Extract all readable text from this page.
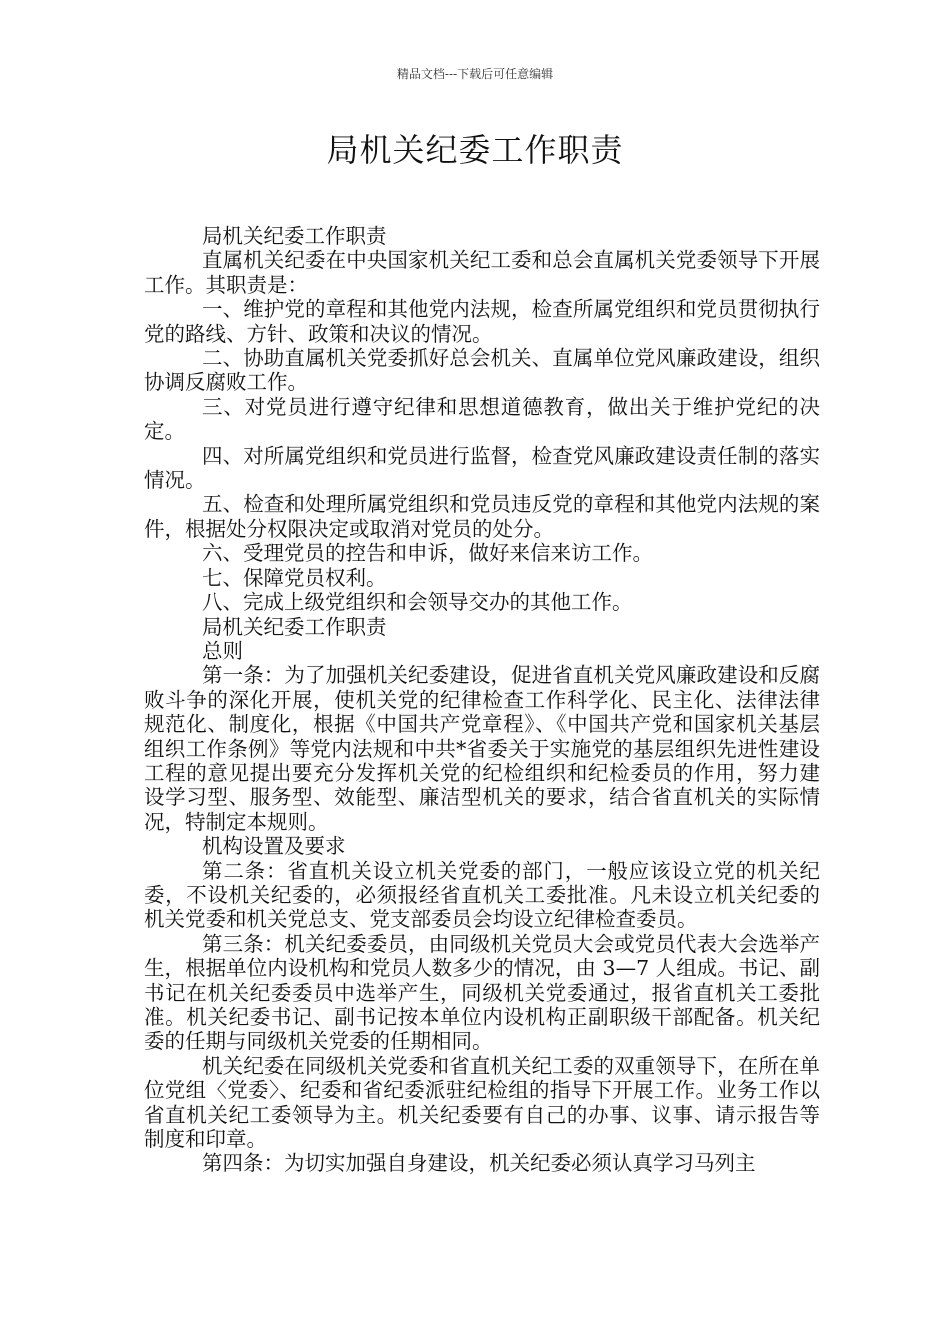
精品文档---下载后可任意编辑
局机关纪委工作职责

局机关纪委工作职责

直属机关纪委在中央国家机关纪工委和总会直属机关党委领导下开展工作。其职责是：

一、维护党的章程和其他党内法规，检查所属党组织和党员贯彻执行党的路线、方针、政策和决议的情况。

二、协助直属机关党委抓好总会机关、直属单位党风廉政建设，组织协调反腐败工作。

三、对党员进行遵守纪律和思想道德教育，做出关于维护党纪的决定。

四、对所属党组织和党员进行监督，检查党风廉政建设责任制的落实情况。

五、检查和处理所属党组织和党员违反党的章程和其他党内法规的案件，根据处分权限决定或取消对党员的处分。

六、受理党员的控告和申诉，做好来信来访工作。

七、保障党员权利。

八、完成上级党组织和会领导交办的其他工作。

局机关纪委工作职责

总则

第一条：为了加强机关纪委建设，促进省直机关党风廉政建设和反腐败斗争的深化开展，使机关党的纪律检查工作科学化、民主化、法律法律规范化、制度化，根据《中国共产党章程》、《中国共产党和国家机关基层组织工作条例》等党内法规和中共*省委关于实施党的基层组织先进性建设工程的意见提出要充分发挥机关党的纪检组织和纪检委员的作用，努力建设学习型、服务型、效能型、廉洁型机关的要求，结合省直机关的实际情况，特制定本规则。

机构设置及要求

第二条：省直机关设立机关党委的部门，一般应该设立党的机关纪委，不设机关纪委的，必须报经省直机关工委批准。凡未设立机关纪委的机关党委和机关党总支、党支部委员会均设立纪律检查委员。

第三条：机关纪委委员，由同级机关党员大会或党员代表大会选举产生，根据单位内设机构和党员人数多少的情况，由 3—7 人组成。书记、副书记在机关纪委委员中选举产生，同级机关党委通过，报省直机关工委批准。机关纪委书记、副书记按本单位内设机构正副职级干部配备。机关纪委的任期与同级机关党委的任期相同。

机关纪委在同级机关党委和省直机关纪工委的双重领导下，在所在单位党组〈党委〉、纪委和省纪委派驻纪检组的指导下开展工作。业务工作以省直机关纪工委领导为主。机关纪委要有自己的办事、议事、请示报告等制度和印章。

第四条：为切实加强自身建设，机关纪委必须认真学习马列主
